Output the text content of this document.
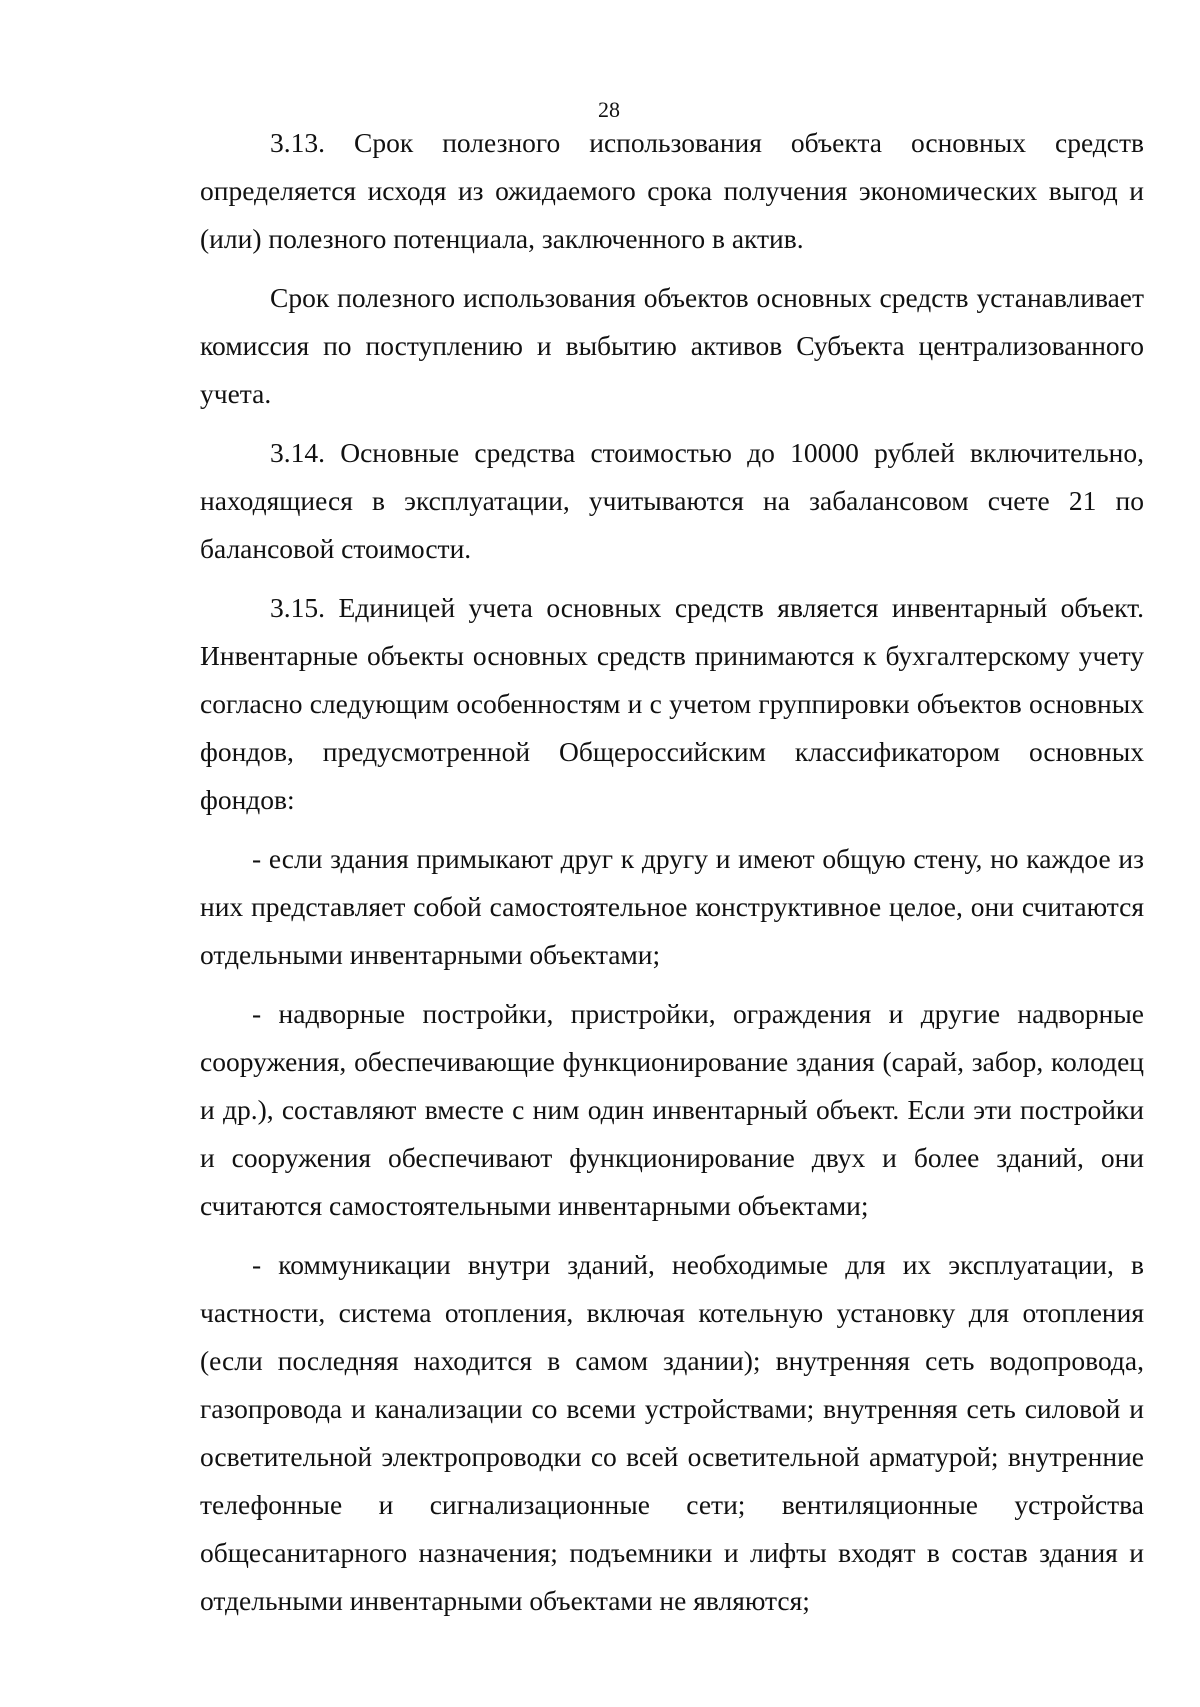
28

3.13. Срок полезного использования объекта основных средств определяется исходя из ожидаемого срока получения экономических выгод и (или) полезного потенциала, заключенного в актив.

Срок полезного использования объектов основных средств устанавливает комиссия по поступлению и выбытию активов Субъекта централизованного учета.

3.14. Основные средства стоимостью до 10000 рублей включительно, находящиеся в эксплуатации, учитываются на забалансовом счете 21 по балансовой стоимости.

3.15. Единицей учета основных средств является инвентарный объект. Инвентарные объекты основных средств принимаются к бухгалтерскому учету согласно следующим особенностям и с учетом группировки объектов основных фондов, предусмотренной Общероссийским классификатором основных фондов:

- если здания примыкают друг к другу и имеют общую стену, но каждое из них представляет собой самостоятельное конструктивное целое, они считаются отдельными инвентарными объектами;

- надворные постройки, пристройки, ограждения и другие надворные сооружения, обеспечивающие функционирование здания (сарай, забор, колодец и др.), составляют вместе с ним один инвентарный объект. Если эти постройки и сооружения обеспечивают функционирование двух и более зданий, они считаются самостоятельными инвентарными объектами;

- коммуникации внутри зданий, необходимые для их эксплуатации, в частности, система отопления, включая котельную установку для отопления (если последняя находится в самом здании); внутренняя сеть водопровода, газопровода и канализации со всеми устройствами; внутренняя сеть силовой и осветительной электропроводки со всей осветительной арматурой; внутренние телефонные и сигнализационные сети; вентиляционные устройства общесанитарного назначения; подъемники и лифты входят в состав здания и отдельными инвентарными объектами не являются;
